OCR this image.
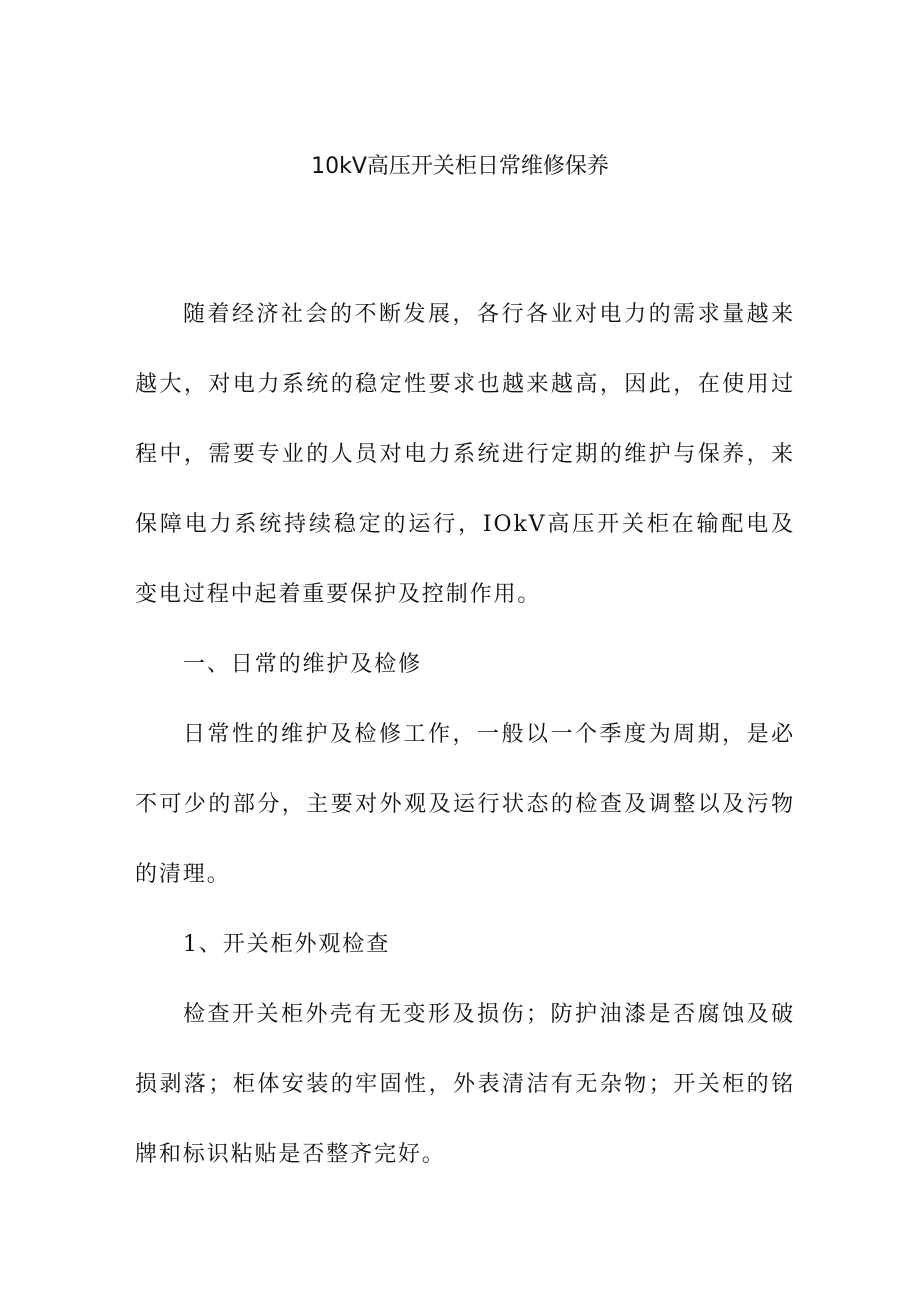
10kV高压开关柜日常维修保养

随着经济社会的不断发展，各行各业对电力的需求量越来越大，对电力系统的稳定性要求也越来越高，因此，在使用过程中，需要专业的人员对电力系统进行定期的维护与保养，来保障电力系统持续稳定的运行，IOkV高压开关柜在输配电及变电过程中起着重要保护及控制作用。

一、日常的维护及检修

日常性的维护及检修工作，一般以一个季度为周期，是必不可少的部分，主要对外观及运行状态的检查及调整以及污物的清理。

1、开关柜外观检查

检查开关柜外壳有无变形及损伤；防护油漆是否腐蚀及破损剥落；柜体安装的牢固性，外表清洁有无杂物；开关柜的铭牌和标识粘贴是否整齐完好。
